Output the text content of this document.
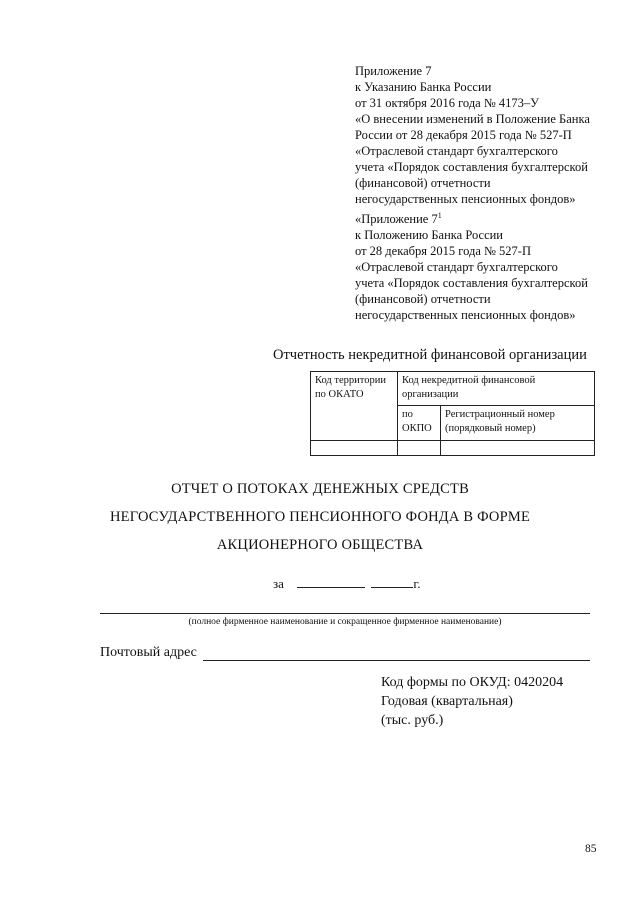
Приложение 7
к Указанию Банка России
от 31 октября 2016 года № 4173–У
«О внесении изменений в Положение Банка
России от 28 декабря 2015 года № 527-П
«Отраслевой стандарт бухгалтерского
учета «Порядок составления бухгалтерской
(финансовой) отчетности
негосударственных пенсионных фондов»
«Приложение $7^1$
к Положению Банка России
от 28 декабря 2015 года № 527-П
«Отраслевой стандарт бухгалтерского
учета «Порядок составления бухгалтерской
(финансовой) отчетности
негосударственных пенсионных фондов»
Отчетность некредитной финансовой организации
Код территории по ОКАТО	Код некредитной финансовой организации	
	по ОКПО	Регистрационный номер (порядковый номер)

ОТЧЕТ О ПОТОКАХ ДЕНЕЖНЫХ СРЕДСТВ
НЕГОСУДАРСТВЕННОГО ПЕНСИОННОГО ФОНДА В ФОРМЕ
АКЦИОНЕРНОГО ОБЩЕСТВА
за	г.
(полное фирменное наименование и сокращенное фирменное наименование)
Почтовый адрес
Код формы по ОКУД: 0420204
Годовая (квартальная)
(тыс. руб.)
85
